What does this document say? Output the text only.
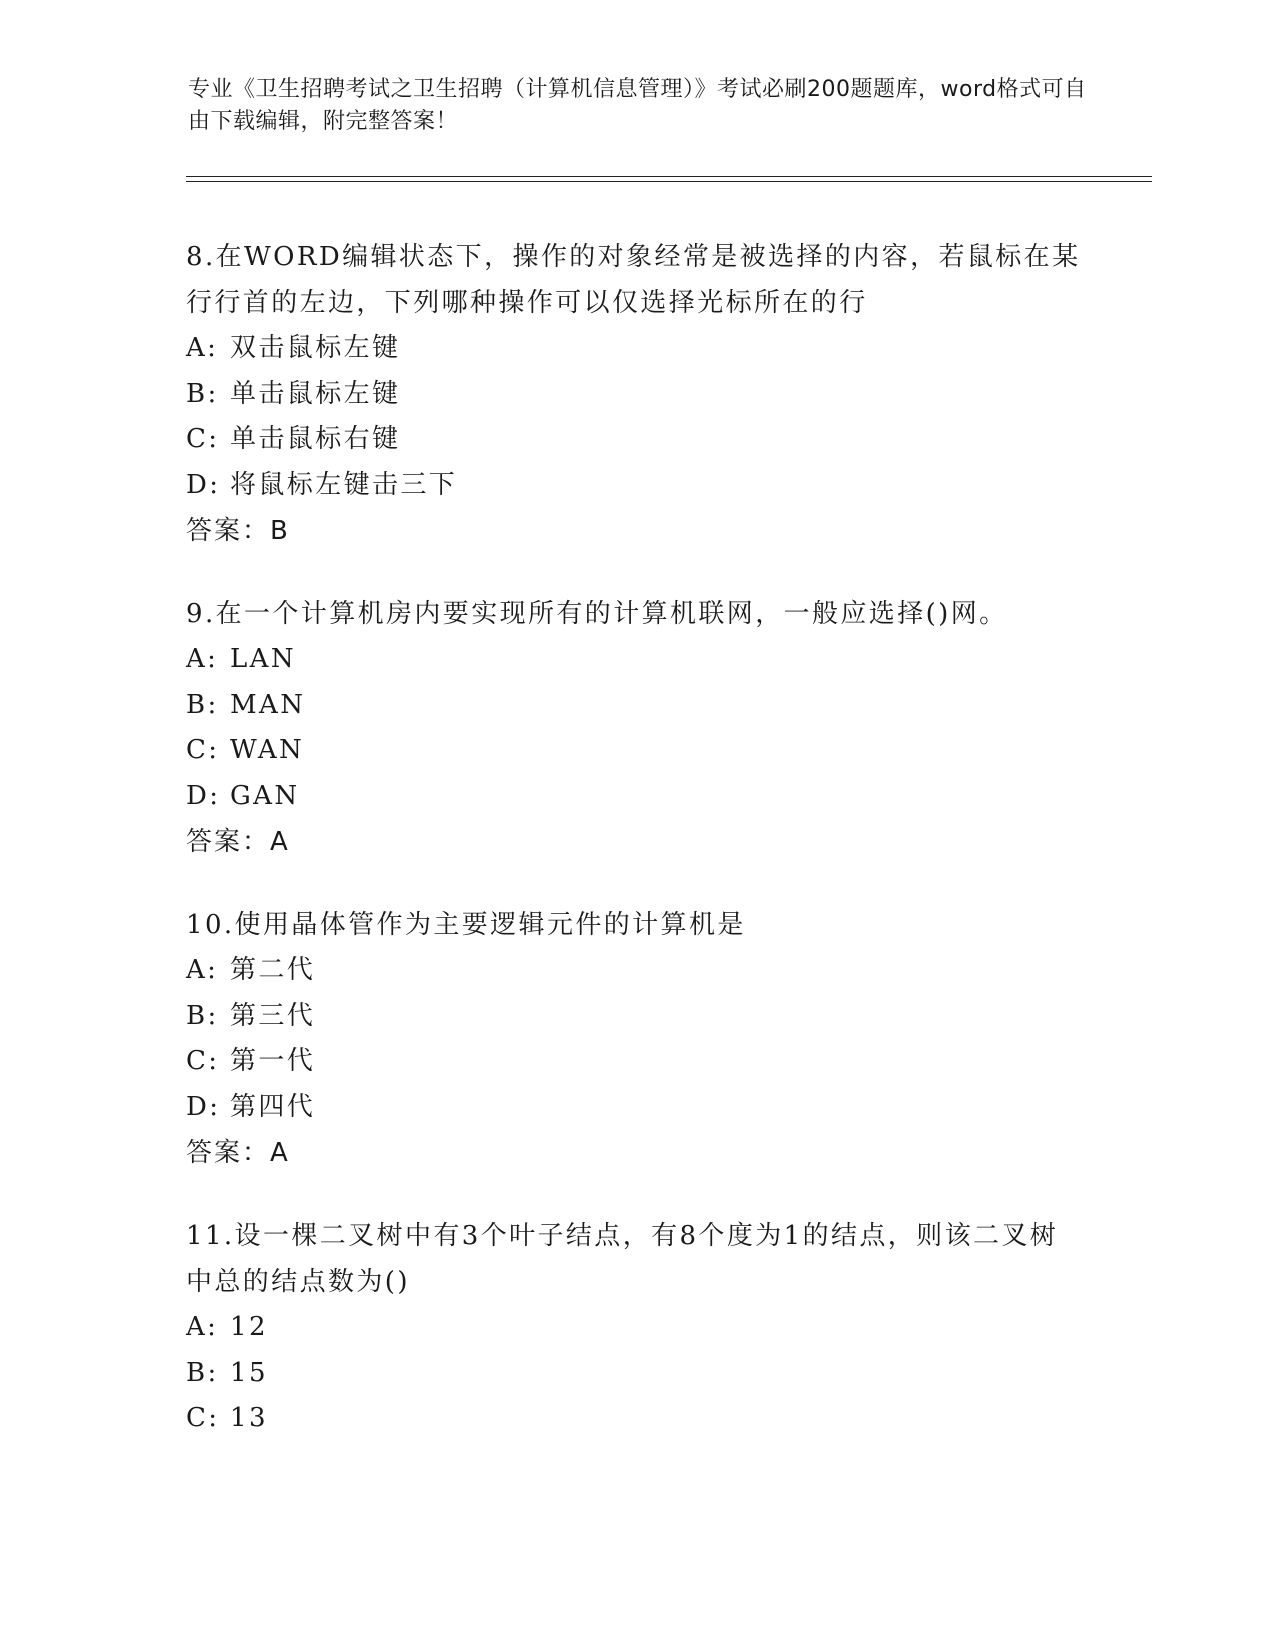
专业《卫生招聘考试之卫生招聘（计算机信息管理）》考试必刷200题题库，word格式可自由下载编辑，附完整答案！
8.在WORD编辑状态下，操作的对象经常是被选择的内容，若鼠标在某行行首的左边，下列哪种操作可以仅选择光标所在的行
A: 双击鼠标左键
B: 单击鼠标左键
C: 单击鼠标右键
D: 将鼠标左键击三下
答案：B
9.在一个计算机房内要实现所有的计算机联网，一般应选择()网。
A: LAN
B: MAN
C: WAN
D: GAN
答案：A
10.使用晶体管作为主要逻辑元件的计算机是
A: 第二代
B: 第三代
C: 第一代
D: 第四代
答案：A
11.设一棵二叉树中有3个叶子结点，有8个度为1的结点，则该二叉树中总的结点数为()
A: 12
B: 15
C: 13
